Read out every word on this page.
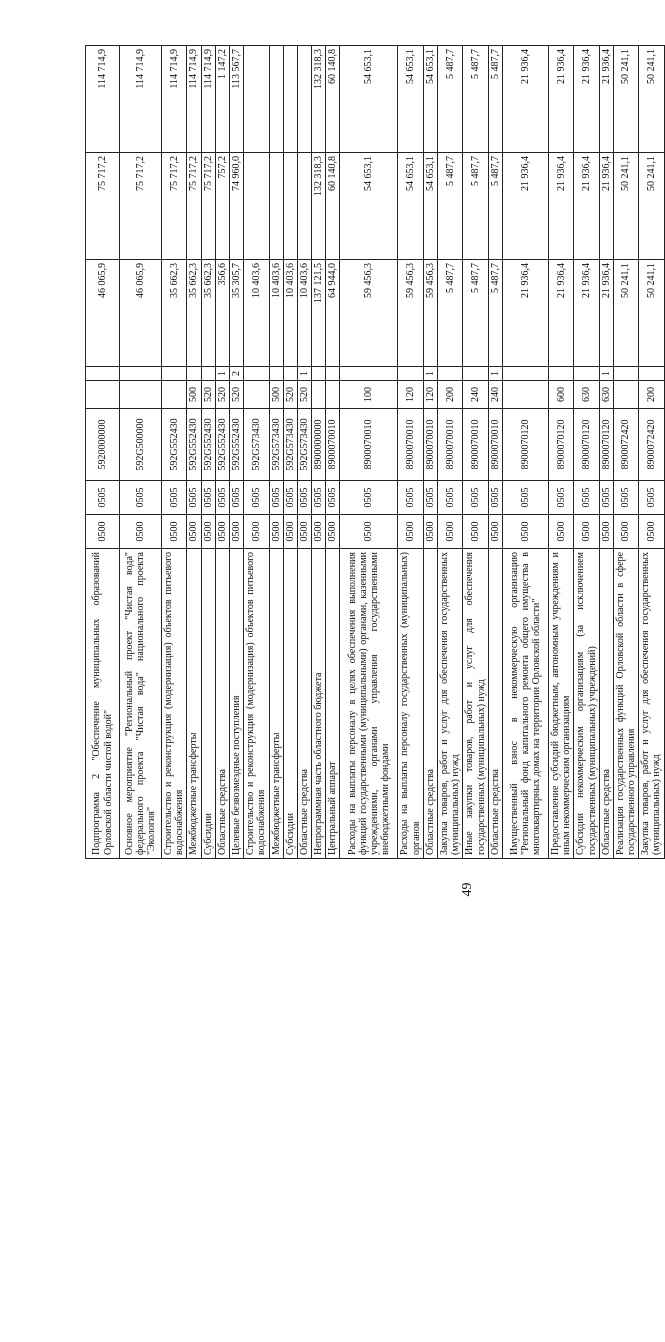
49
Подпрограмма 2 "Обеспечение муниципальных образований Орловской области чистой водой"	0500	0505	5920000000			46 065,9	75 717,2	114 714,9
Основное мероприятие "Региональный проект "Чистая вода" федерального проекта "Чистая вода" национального проекта "Экология"	0500	0505	592G500000			46 065,9	75 717,2	114 714,9
Строительство и реконструкция (модернизация) объектов питьевого водоснабжения	0500	0505	592G552430			35 662,3	75 717,2	114 714,9
Межбюджетные трансферты	0500	0505	592G552430	500		35 662,3	75 717,2	114 714,9
Субсидии	0500	0505	592G552430	520		35 662,3	75 717,2	114 714,9
Областные средства	0500	0505	592G552430	520	1	356,6	757,2	1 147,2
Целевые безвозмездные поступления	0500	0505	592G552430	520	2	35 305,7	74 960,0	113 567,7
Строительство и реконструкция (модернизация) объектов питьевого водоснабжения	0500	0505	592G573430			10 403,6		
Межбюджетные трансферты	0500	0505	592G573430	500		10 403,6		
Субсидии	0500	0505	592G573430	520		10 403,6		
Областные средства	0500	0505	592G573430	520	1	10 403,6		
Непрограммная часть областного бюджета	0500	0505	8900000000			137 121,5	132 318,3	132 318,3
Центральный аппарат	0500	0505	8900070010			64 944,0	60 140,8	60 140,8
Расходы на выплаты персоналу в целях обеспечения выполнения функций государственными (муниципальными) органами, казенными учреждениями, органами управления государственными внебюджетными фондами	0500	0505	8900070010	100		59 456,3	54 653,1	54 653,1
Расходы на выплаты персоналу государственных (муниципальных) органов	0500	0505	8900070010	120		59 456,3	54 653,1	54 653,1
Областные средства	0500	0505	8900070010	120	1	59 456,3	54 653,1	54 653,1
Закупка товаров, работ и услуг для обеспечения государственных (муниципальных) нужд	0500	0505	8900070010	200		5 487,7	5 487,7	5 487,7
Иные закупки товаров, работ и услуг для обеспечения государственных (муниципальных) нужд	0500	0505	8900070010	240		5 487,7	5 487,7	5 487,7
Областные средства	0500	0505	8900070010	240	1	5 487,7	5 487,7	5 487,7
Имущественный взнос в некоммерческую организацию "Региональный фонд капитального ремонта общего имущества в многоквартирных домах на территории Орловской области"	0500	0505	8900070120			21 936,4	21 936,4	21 936,4
Предоставление субсидий бюджетным, автономным учреждениям и иным некоммерческим организациям	0500	0505	8900070120	600		21 936,4	21 936,4	21 936,4
Субсидии некоммерческим организациям (за исключением государственных (муниципальных) учреждений)	0500	0505	8900070120	630		21 936,4	21 936,4	21 936,4
Областные средства	0500	0505	8900070120	630	1	21 936,4	21 936,4	21 936,4
Реализация государственных функций Орловской области в сфере государственного управления	0500	0505	8900072420			50 241,1	50 241,1	50 241,1
Закупка товаров, работ и услуг для обеспечения государственных (муниципальных) нужд	0500	0505	8900072420	200		50 241,1	50 241,1	50 241,1
